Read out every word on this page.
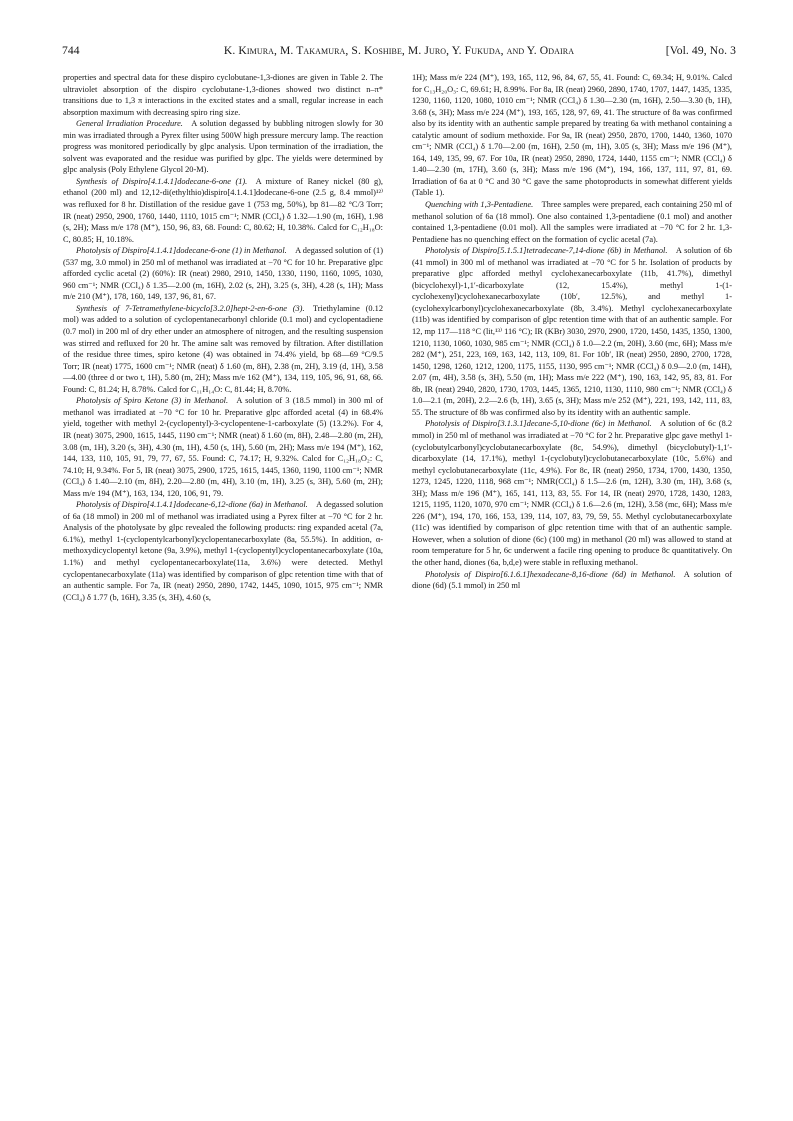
744	K. Kimura, M. Takamura, S. Koshibe, M. Juro, Y. Fukuda, and Y. Odaira	[Vol. 49, No. 3

properties and spectral data for these dispiro cyclobutane-1,3-diones are given in Table 2. The ultraviolet absorption of the dispiro cyclobutane-1,3-diones showed two distinct n–π* transitions due to 1,3 π interactions in the excited states and a small, regular increase in each absorption maximum with decreasing spiro ring size.

General Irradiation Procedure.  A solution degassed by bubbling nitrogen slowly for 30 min was irradiated through a Pyrex filter using 500W high pressure mercury lamp. The reaction progress was monitored periodically by glpc analysis. Upon termination of the irradiation, the solvent was evaporated and the residue was purified by glpc. The yields were determined by glpc analysis (Poly Ethylene Glycol 20-M).

Synthesis of Dispiro[4.1.4.1]dodecane-6-one (1).  A mixture of Raney nickel (80 g), ethanol (200 ml) and 12,12-di(ethylthio)dispiro[4.1.4.1]dodecane-6-one (2.5 g, 8.4 mmol)¹²⁾ was refluxed for 8 hr. Distillation of the residue gave 1 (753 mg, 50%), bp 81—82 °C/3 Torr; IR (neat) 2950, 2900, 1760, 1440, 1110, 1015 cm⁻¹; NMR (CCl₄) δ 1.32—1.90 (m, 16H), 1.98 (s, 2H); Mass m/e 178 (M⁺), 150, 96, 83, 68. Found: C, 80.62; H, 10.38%. Calcd for C₁₂H₁₈O: C, 80.85; H, 10.18%.

Photolysis of Dispiro[4.1.4.1]dodecane-6-one (1) in Methanol.  A degassed solution of (1) (537 mg, 3.0 mmol) in 250 ml of methanol was irradiated at −70 °C for 10 hr. Preparative glpc afforded cyclic acetal (2) (60%): IR (neat) 2980, 2910, 1450, 1330, 1190, 1160, 1095, 1030, 960 cm⁻¹; NMR (CCl₄) δ 1.35—2.00 (m, 16H), 2.02 (s, 2H), 3.25 (s, 3H), 4.28 (s, 1H); Mass m/e 210 (M⁺), 178, 160, 149, 137, 96, 81, 67.

Synthesis of 7-Tetramethylene-bicyclo[3.2.0]hept-2-en-6-one (3).  Triethylamine (0.12 mol) was added to a solution of cyclopentanecarbonyl chloride (0.1 mol) and cyclopentadiene (0.7 mol) in 200 ml of dry ether under an atmosphere of nitrogen, and the resulting suspension was stirred and refluxed for 20 hr. The amine salt was removed by filtration. After distillation of the residue three times, spiro ketone (4) was obtained in 74.4% yield, bp 68—69 °C/9.5 Torr; IR (neat) 1775, 1600 cm⁻¹; NMR (neat) δ 1.60 (m, 8H), 2.38 (m, 2H), 3.19 (d, 1H), 3.58—4.00 (three d or two t, 1H), 5.80 (m, 2H); Mass m/e 162 (M⁺), 134, 119, 105, 96, 91, 68, 66. Found: C, 81.24; H, 8.78%. Calcd for C₁₁H₁₄O: C, 81.44; H, 8.70%.

Photolysis of Spiro Ketone (3) in Methanol.  A solution of 3 (18.5 mmol) in 300 ml of methanol was irradiated at −70 °C for 10 hr. Preparative glpc afforded acetal (4) in 68.4% yield, together with methyl 2-(cyclopentyl)-3-cyclopentene-1-carboxylate (5) (13.2%). For 4, IR (neat) 3075, 2900, 1615, 1445, 1190 cm⁻¹; NMR (neat) δ 1.60 (m, 8H), 2.48—2.80 (m, 2H), 3.08 (m, 1H), 3.20 (s, 3H), 4.30 (m, 1H), 4.50 (s, 1H), 5.60 (m, 2H); Mass m/e 194 (M⁺), 162, 144, 133, 110, 105, 91, 79, 77, 67, 55. Found: C, 74.17; H, 9.32%. Calcd for C₁₂H₁₈O₂: C, 74.10; H, 9.34%. For 5, IR (neat) 3075, 2900, 1725, 1615, 1445, 1360, 1190, 1100 cm⁻¹; NMR (CCl₄) δ 1.40—2.10 (m, 8H), 2.20—2.80 (m, 4H), 3.10 (m, 1H), 3.25 (s, 3H), 5.60 (m, 2H); Mass m/e 194 (M⁺), 163, 134, 120, 106, 91, 79.

Photolysis of Dispiro[4.1.4.1]dodecane-6,12-dione (6a) in Methanol.  A degassed solution of 6a (18 mmol) in 200 ml of methanol was irradiated using a Pyrex filter at −70 °C for 2 hr. Analysis of the photolysate by glpc revealed the following products: ring expanded acetal (7a, 6.1%), methyl 1-(cyclopentylcarbonyl)cyclopentanecarboxylate (8a, 55.5%). In addition, α-methoxydicyclopentyl ketone (9a, 3.9%), methyl 1-(cyclopentyl)cyclopentanecarboxylate (10a, 1.1%) and methyl cyclopentanecarboxylate(11a, 3.6%) were detected. Methyl cyclopentanecarboxylate (11a) was identified by comparison of glpc retention time with that of an authentic sample. For 7a, IR (neat) 2950, 2890, 1742, 1445, 1090, 1015, 975 cm⁻¹; NMR (CCl₄) δ 1.77 (b, 16H), 3.35 (s, 3H), 4.60 (s,

1H); Mass m/e 224 (M⁺), 193, 165, 112, 96, 84, 67, 55, 41. Found: C, 69.34; H, 9.01%. Calcd for C₁₃H₂₀O₃: C, 69.61; H, 8.99%. For 8a, IR (neat) 2960, 2890, 1740, 1707, 1447, 1435, 1335, 1230, 1160, 1120, 1080, 1010 cm⁻¹; NMR (CCl₄) δ 1.30—2.30 (m, 16H), 2.50—3.30 (b, 1H), 3.68 (s, 3H); Mass m/e 224 (M⁺), 193, 165, 128, 97, 69, 41. The structure of 8a was confirmed also by its identity with an authentic sample prepared by treating 6a with methanol containing a catalytic amount of sodium methoxide. For 9a, IR (neat) 2950, 2870, 1700, 1440, 1360, 1070 cm⁻¹; NMR (CCl₄) δ 1.70—2.00 (m, 16H), 2.50 (m, 1H), 3.05 (s, 3H); Mass m/e 196 (M⁺), 164, 149, 135, 99, 67. For 10a, IR (neat) 2950, 2890, 1724, 1440, 1155 cm⁻¹; NMR (CCl₄) δ 1.40—2.30 (m, 17H), 3.60 (s, 3H); Mass m/e 196 (M⁺), 194, 166, 137, 111, 97, 81, 69. Irradiation of 6a at 0 °C and 30 °C gave the same photoproducts in somewhat different yields (Table 1).

Quenching with 1,3-Pentadiene.  Three samples were prepared, each containing 250 ml of methanol solution of 6a (18 mmol). One also contained 1,3-pentadiene (0.1 mol) and another contained 1,3-pentadiene (0.01 mol). All the samples were irradiated at −70 °C for 2 hr. 1,3-Pentadiene has no quenching effect on the formation of cyclic acetal (7a).

Photolysis of Dispiro[5.1.5.1]tetradecane-7,14-dione (6b) in Methanol.  A solution of 6b (41 mmol) in 300 ml of methanol was irradiated at −70 °C for 5 hr. Isolation of products by preparative glpc afforded methyl cyclohexanecarboxylate (11b, 41.7%), dimethyl (bicyclohexyl)-1,1′-dicarboxylate (12, 15.4%), methyl 1-(1-cyclohexenyl)cyclohexanecarboxylate (10b′, 12.5%), and methyl 1-(cyclohexylcarbonyl)cyclohexanecarboxylate (8b, 3.4%). Methyl cyclohexanecarboxylate (11b) was identified by comparison of glpc retention time with that of an authentic sample. For 12, mp 117—118 °C (lit,¹³⁾ 116 °C); IR (KBr) 3030, 2970, 2900, 1720, 1450, 1435, 1350, 1300, 1210, 1130, 1060, 1030, 985 cm⁻¹; NMR (CCl₄) δ 1.0—2.2 (m, 20H), 3.60 (mc, 6H); Mass m/e 282 (M⁺), 251, 223, 169, 163, 142, 113, 109, 81. For 10b′, IR (neat) 2950, 2890, 2700, 1728, 1450, 1298, 1260, 1212, 1200, 1175, 1155, 1130, 995 cm⁻¹; NMR (CCl₄) δ 0.9—2.0 (m, 14H), 2.07 (m, 4H), 3.58 (s, 3H), 5.50 (m, 1H); Mass m/e 222 (M⁺), 190, 163, 142, 95, 83, 81. For 8b, IR (neat) 2940, 2820, 1730, 1703, 1445, 1365, 1210, 1130, 1110, 980 cm⁻¹; NMR (CCl₄) δ 1.0—2.1 (m, 20H), 2.2—2.6 (b, 1H), 3.65 (s, 3H); Mass m/e 252 (M⁺), 221, 193, 142, 111, 83, 55. The structure of 8b was confirmed also by its identity with an authentic sample.

Photolysis of Dispiro[3.1.3.1]decane-5,10-dione (6c) in Methanol.  A solution of 6c (8.2 mmol) in 250 ml of methanol was irradiated at −70 °C for 2 hr. Preparative glpc gave methyl 1-(cyclobutylcarbonyl)cyclobutanecarboxylate (8c, 54.9%), dimethyl (bicyclobutyl)-1,1′-dicarboxylate (14, 17.1%), methyl 1-(cyclobutyl)cyclobutanecarboxylate (10c, 5.6%) and methyl cyclobutanecarboxylate (11c, 4.9%). For 8c, IR (neat) 2950, 1734, 1700, 1430, 1350, 1273, 1245, 1220, 1118, 968 cm⁻¹; NMR(CCl₄) δ 1.5—2.6 (m, 12H), 3.30 (m, 1H), 3.68 (s, 3H); Mass m/e 196 (M⁺), 165, 141, 113, 83, 55. For 14, IR (neat) 2970, 1728, 1430, 1283, 1215, 1195, 1120, 1070, 970 cm⁻¹; NMR (CCl₄) δ 1.6—2.6 (m, 12H), 3.58 (mc, 6H); Mass m/e 226 (M⁺), 194, 170, 166, 153, 139, 114, 107, 83, 79, 59, 55. Methyl cyclobutanecarboxylate (11c) was identified by comparison of glpc retention time with that of an authentic sample. However, when a solution of dione (6c) (100 mg) in methanol (20 ml) was allowed to stand at room temperature for 5 hr, 6c underwent a facile ring opening to produce 8c quantitatively. On the other hand, diones (6a, b,d,e) were stable in refluxing methanol.

Photolysis of Dispiro[6.1.6.1]hexadecane-8,16-dione (6d) in Methanol.  A solution of dione (6d) (5.1 mmol) in 250 ml
